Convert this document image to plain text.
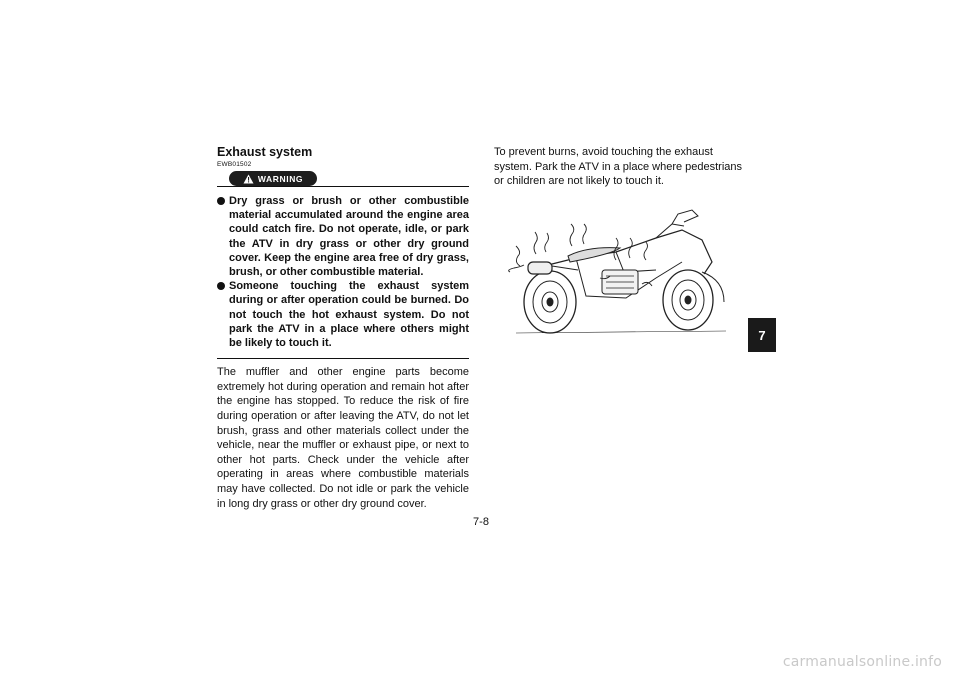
Exhaust system
EWB01502
WARNING
Dry grass or brush or other combustible material accumulated around the engine area could catch fire. Do not operate, idle, or park the ATV in dry grass or other dry ground cover. Keep the engine area free of dry grass, brush, or other combustible material.
Someone touching the exhaust system during or after operation could be burned. Do not touch the hot exhaust system. Do not park the ATV in a place where others might be likely to touch it.

The muffler and other engine parts become extremely hot during operation and remain hot after the engine has stopped. To reduce the risk of fire during operation or after leaving the ATV, do not let brush, grass and other materials collect under the vehicle, near the muffler or exhaust pipe, or next to other hot parts. Check under the vehicle after operating in areas where combustible materials may have collected. Do not idle or park the vehicle in long dry grass or other dry ground cover.

To prevent burns, avoid touching the exhaust system. Park the ATV in a place where pedestrians or children are not likely to touch it.

7
7-8
carmanualsonline.info
